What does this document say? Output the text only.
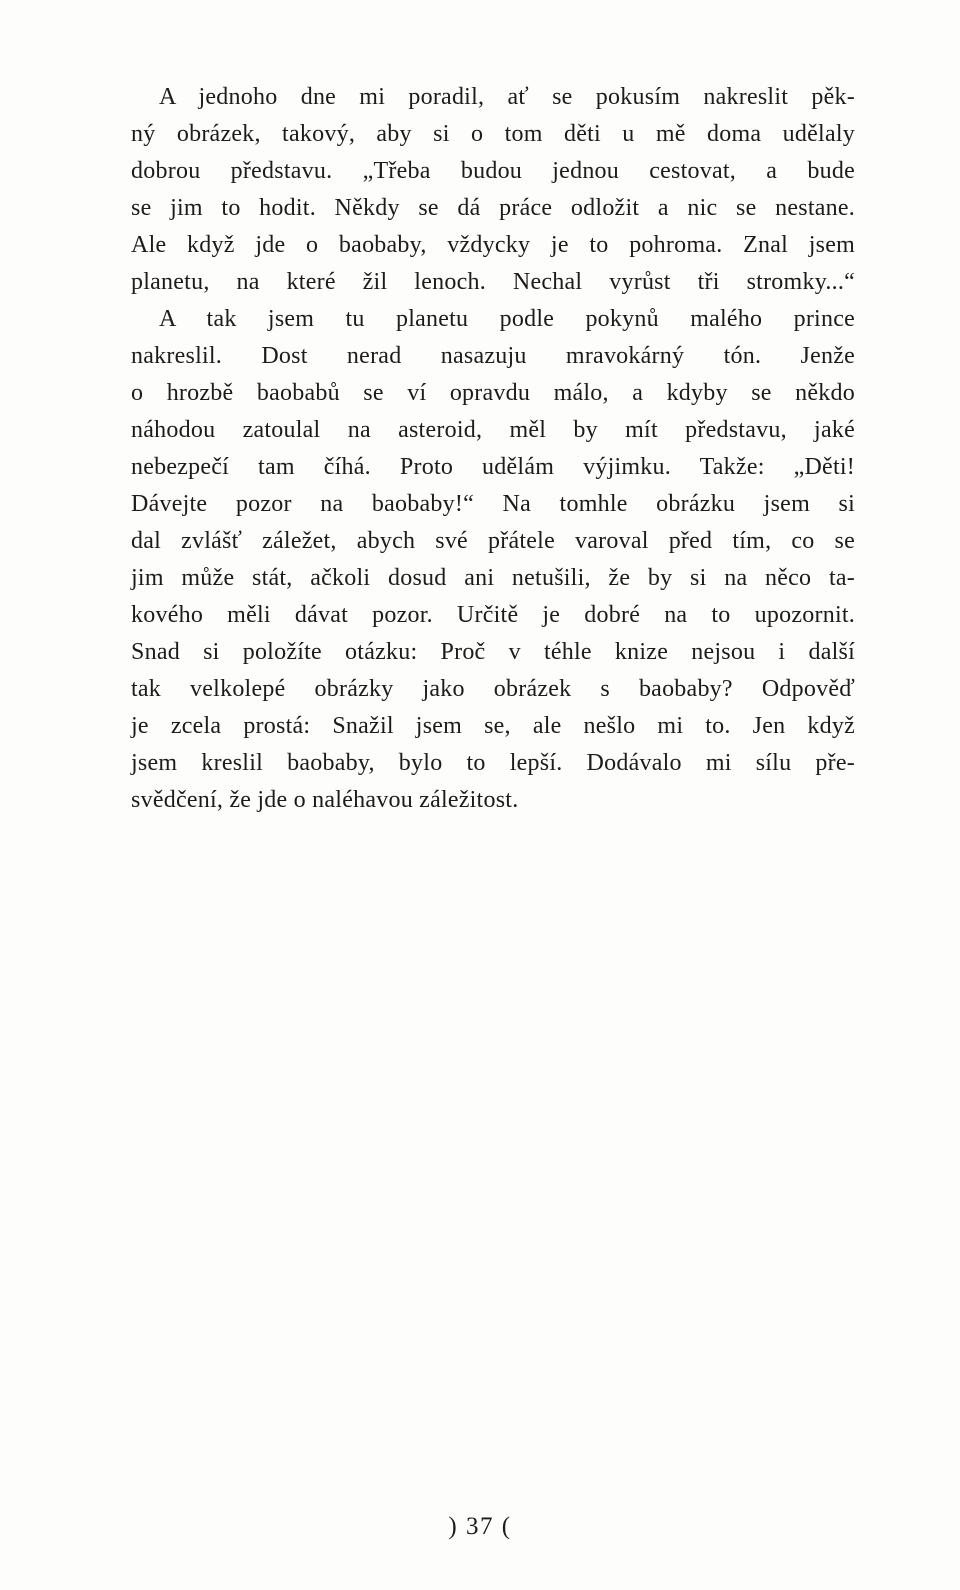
A jednoho dne mi poradil, ať se pokusím nakreslit pěk-
ný obrázek, takový, aby si o tom děti u mě doma udělaly
dobrou představu. „Třeba budou jednou cestovat, a bude
se jim to hodit. Někdy se dá práce odložit a nic se nestane.
Ale když jde o baobaby, vždycky je to pohroma. Znal jsem
planetu, na které žil lenoch. Nechal vyrůst tři stromky...“
A tak jsem tu planetu podle pokynů malého prince
nakreslil. Dost nerad nasazuju mravokárný tón. Jenže
o hrozbě baobabů se ví opravdu málo, a kdyby se někdo
náhodou zatoulal na asteroid, měl by mít představu, jaké
nebezpečí tam číhá. Proto udělám výjimku. Takže: „Děti!
Dávejte pozor na baobaby!“ Na tomhle obrázku jsem si
dal zvlášť záležet, abych své přátele varoval před tím, co se
jim může stát, ačkoli dosud ani netušili, že by si na něco ta-
kového měli dávat pozor. Určitě je dobré na to upozornit.
Snad si položíte otázku: Proč v téhle knize nejsou i další
tak velkolepé obrázky jako obrázek s baobaby? Odpověď
je zcela prostá: Snažil jsem se, ale nešlo mi to. Jen když
jsem kreslil baobaby, bylo to lepší. Dodávalo mi sílu pře-
svědčení, že jde o naléhavou záležitost.
) 37 (
